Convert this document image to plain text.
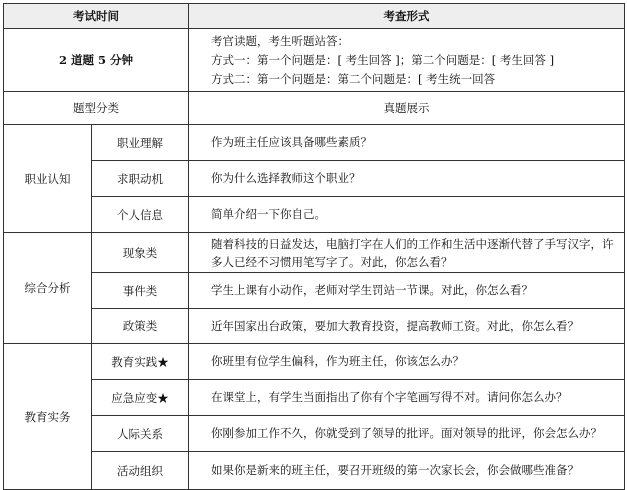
考试时间		考查形式
2 道题 5 分钟		考官读题，考生听题站答：
方式一：第一个问题是：[ 考生回答 ]；第二个问题是：[ 考生回答 ]
方式二：第一个问题是：第二个问题是：[ 考生统一回答

题型分类		真题展示
职业认知	职业理解	作为班主任应该具备哪些素质？
	求职动机	你为什么选择教师这个职业？
	个人信息	简单介绍一下你自己。
综合分析	现象类	随着科技的日益发达，电脑打字在人们的工作和生活中逐渐代替了手写汉字，许多人已经不习惯用笔写字了。对此，你怎么看？

	事件类	学生上课有小动作，老师对学生罚站一节课。对此，你怎么看？
	政策类	近年国家出台政策，要加大教育投资，提高教师工资。对此，你怎么看？
教育实务	教育实践★	你班里有位学生偏科，作为班主任，你该怎么办？
	应急应变★	在课堂上，有学生当面指出了你有个字笔画写得不对。请问你怎么办？
	人际关系	你刚参加工作不久，你就受到了领导的批评。面对领导的批评，你会怎么办？
	活动组织	如果你是新来的班主任，要召开班级的第一次家长会，你会做哪些准备？
